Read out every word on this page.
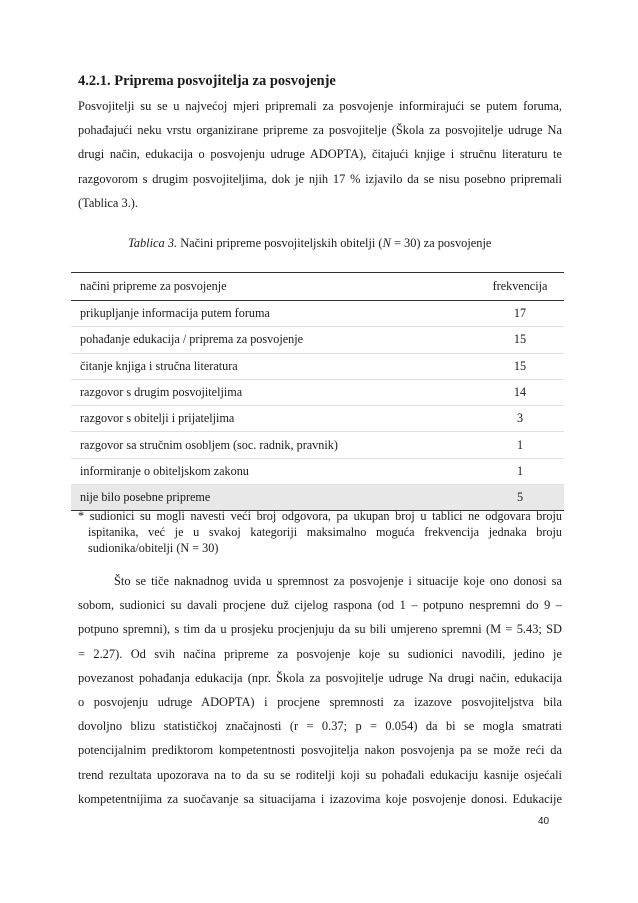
4.2.1. Priprema posvojitelja za posvojenje
Posvojitelji su se u najvećoj mjeri pripremali za posvojenje informirajući se putem foruma,
pohađajući neku vrstu organizirane pripreme za posvojitelje (Škola za posvojitelje udruge Na
drugi način, edukacija o posvojenju udruge ADOPTA), čitajući knjige i stručnu literaturu te
razgovorom s drugim posvojiteljima, dok je njih 17 % izjavilo da se nisu posebno pripremali
(Tablica 3.).
Tablica 3. Načini pripreme posvojiteljskih obitelji (N = 30) za posvojenje
načini pripreme za posvojenje	frekvencija
prikupljanje informacija putem foruma	17
pohađanje edukacija / priprema za posvojenje	15
čitanje knjiga i stručna literatura	15
razgovor s drugim posvojiteljima	14
razgovor s obitelji i prijateljima	3
razgovor sa stručnim osobljem (soc. radnik, pravnik)	1
informiranje o obiteljskom zakonu	1
nije bilo posebne pripreme	5
* sudionici su mogli navesti veći broj odgovora, pa ukupan broj u tablici ne odgovara broju
ispitanika, već je u svakoj kategoriji maksimalno moguća frekvencija jednaka broju
sudionika/obitelji (N = 30)
Što se tiče naknadnog uvida u spremnost za posvojenje i situacije koje ono donosi sa
sobom, sudionici su davali procjene duž cijelog raspona (od 1 – potpuno nespremni do 9 –
potpuno spremni), s tim da u prosjeku procjenjuju da su bili umjereno spremni (M = 5.43; SD
= 2.27). Od svih načina pripreme za posvojenje koje su sudionici navodili, jedino je
povezanost pohađanja edukacija (npr. Škola za posvojitelje udruge Na drugi način, edukacija
o posvojenju udruge ADOPTA) i procjene spremnosti za izazove posvojiteljstva bila
dovoljno blizu statističkoj značajnosti (r = 0.37; p = 0.054) da bi se mogla smatrati
potencijalnim prediktorom kompetentnosti posvojitelja nakon posvojenja pa se može reći da
trend rezultata upozorava na to da su se roditelji koji su pohađali edukaciju kasnije osjećali
kompetentnijima za suočavanje sa situacijama i izazovima koje posvojenje donosi. Edukacije
40
